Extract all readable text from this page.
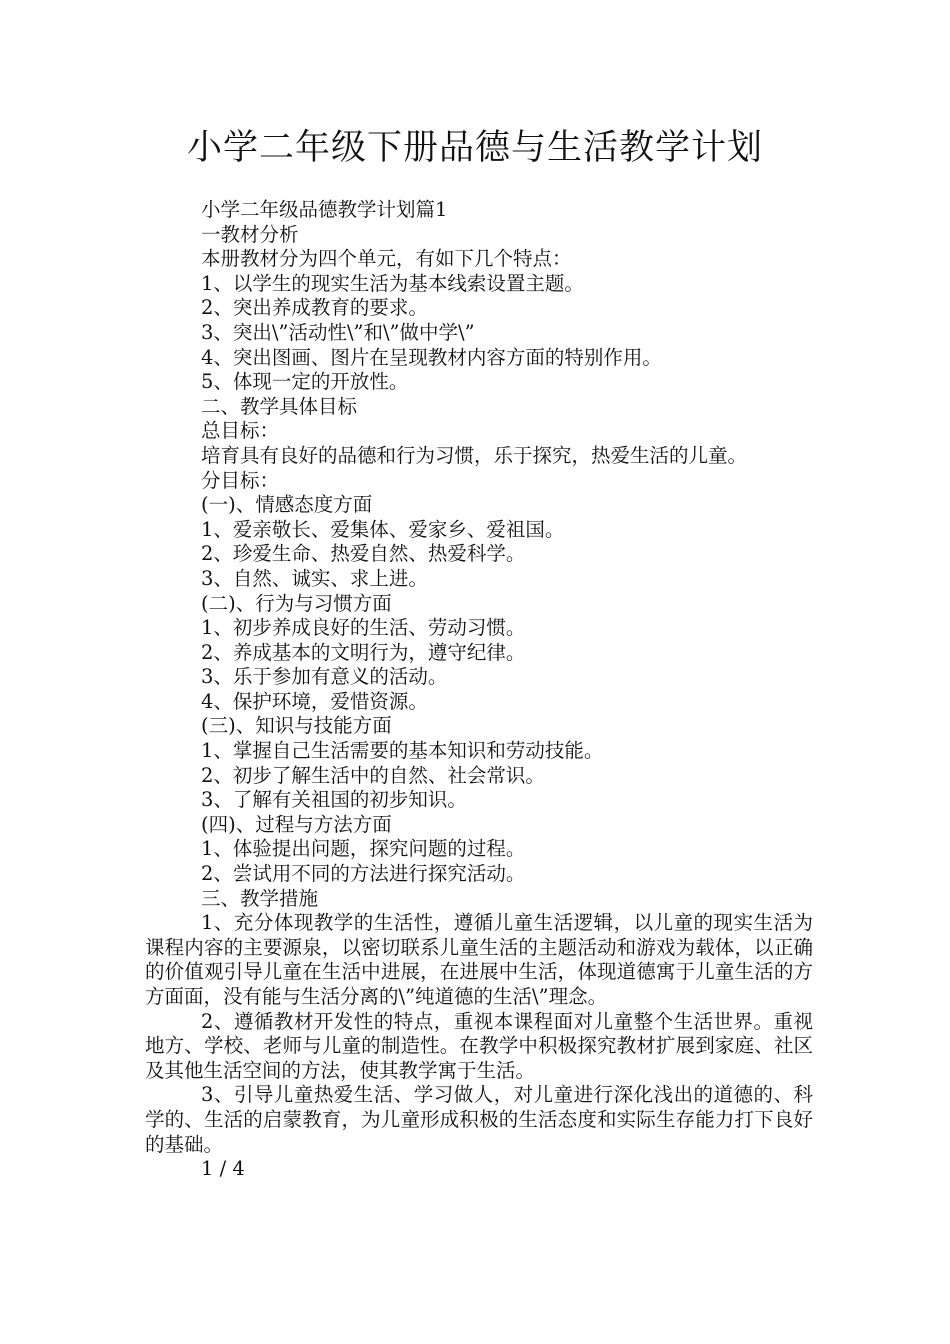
小学二年级下册品德与生活教学计划
小学二年级品德教学计划篇1
一教材分析
本册教材分为四个单元，有如下几个特点：
1、以学生的现实生活为基本线索设置主题。
2、突出养成教育的要求。
3、突出\”活动性\”和\”做中学\”
4、突出图画、图片在呈现教材内容方面的特别作用。
5、体现一定的开放性。
二、教学具体目标
总目标：
培育具有良好的品德和行为习惯，乐于探究，热爱生活的儿童。
分目标：
(一)、情感态度方面
1、爱亲敬长、爱集体、爱家乡、爱祖国。
2、珍爱生命、热爱自然、热爱科学。
3、自然、诚实、求上进。
(二)、行为与习惯方面
1、初步养成良好的生活、劳动习惯。
2、养成基本的文明行为，遵守纪律。
3、乐于参加有意义的活动。
4、保护环境，爱惜资源。
(三)、知识与技能方面
1、掌握自己生活需要的基本知识和劳动技能。
2、初步了解生活中的自然、社会常识。
3、了解有关祖国的初步知识。
(四)、过程与方法方面
1、体验提出问题，探究问题的过程。
2、尝试用不同的方法进行探究活动。
三、教学措施
1、充分体现教学的生活性，遵循儿童生活逻辑，以儿童的现实生活为课程内容的主要源泉，以密切联系儿童生活的主题活动和游戏为载体，以正确的价值观引导儿童在生活中进展，在进展中生活，体现道德寓于儿童生活的方方面面，没有能与生活分离的\”纯道德的生活\”理念。
2、遵循教材开发性的特点，重视本课程面对儿童整个生活世界。重视地方、学校、老师与儿童的制造性。在教学中积极探究教材扩展到家庭、社区及其他生活空间的方法，使其教学寓于生活。
3、引导儿童热爱生活、学习做人，对儿童进行深化浅出的道德的、科学的、生活的启蒙教育，为儿童形成积极的生活态度和实际生存能力打下良好的基础。
1 / 4
